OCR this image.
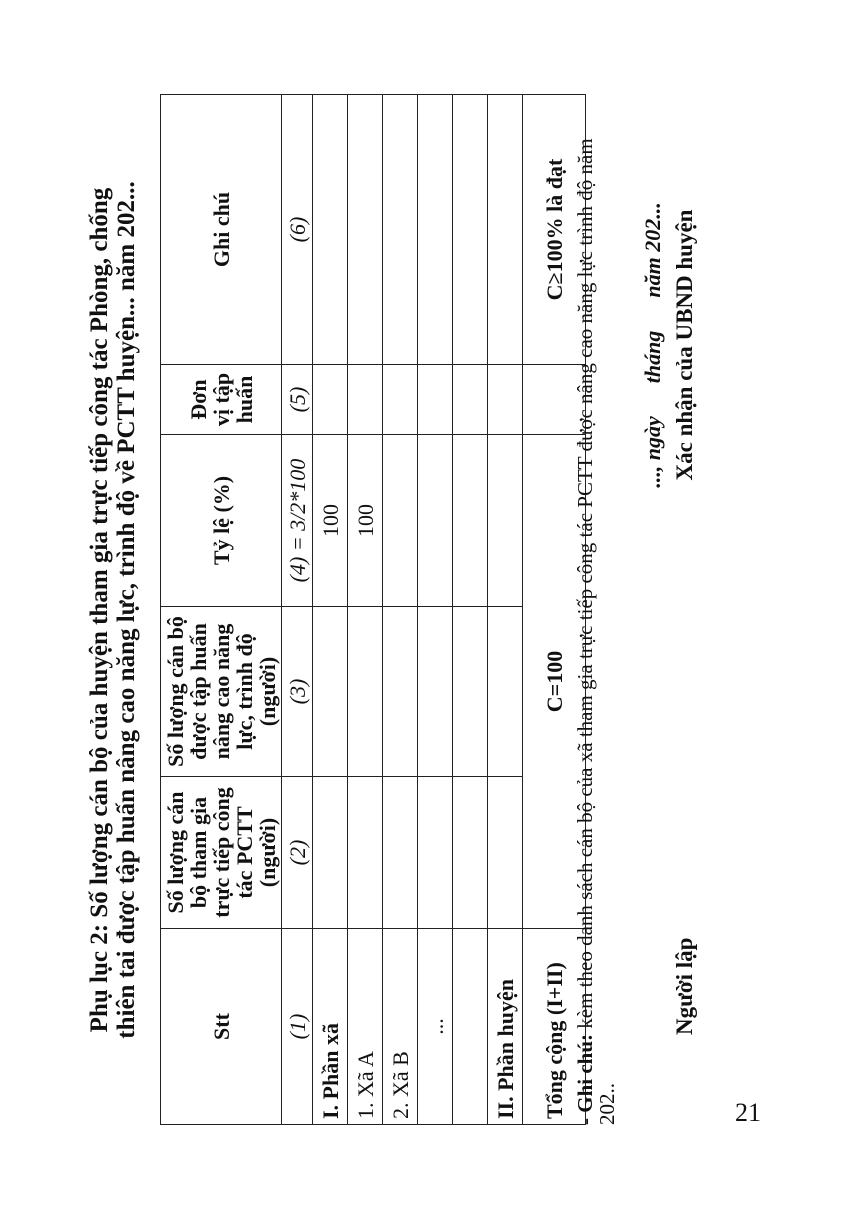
Phụ lục 2: Số lượng cán bộ của huyện tham gia trực tiếp công tác Phòng, chống thiên tai được tập huấn nâng cao năng lực, trình độ về PCTT huyện... năm 202...	Stt	Số lượng cán bộ tham gia trực tiếp công tác PCTT (người)	Số lượng cán bộ được tập huấn nâng cao năng lực, trình độ (người)	Tỷ lệ (%)	Đơn vị tập huấn	Ghi chú
(1)	(2)	(3)	(4) = 3/2*100	(5)	(6)
I. Phần xã			100		
1. Xã A			100		
2. Xã B					
...					

II. Phần huyện					
Tổng cộng (I+II)	C=100				C≥100% là đạt
- Ghi chú: kèm theo danh sách cán bộ của xã tham gia trực tiếp công tác PCTT được nâng cao năng lực trình độ năm 202..
..., ngày      tháng      năm 202...
Người lập
Xác nhận của UBND huyện
21
